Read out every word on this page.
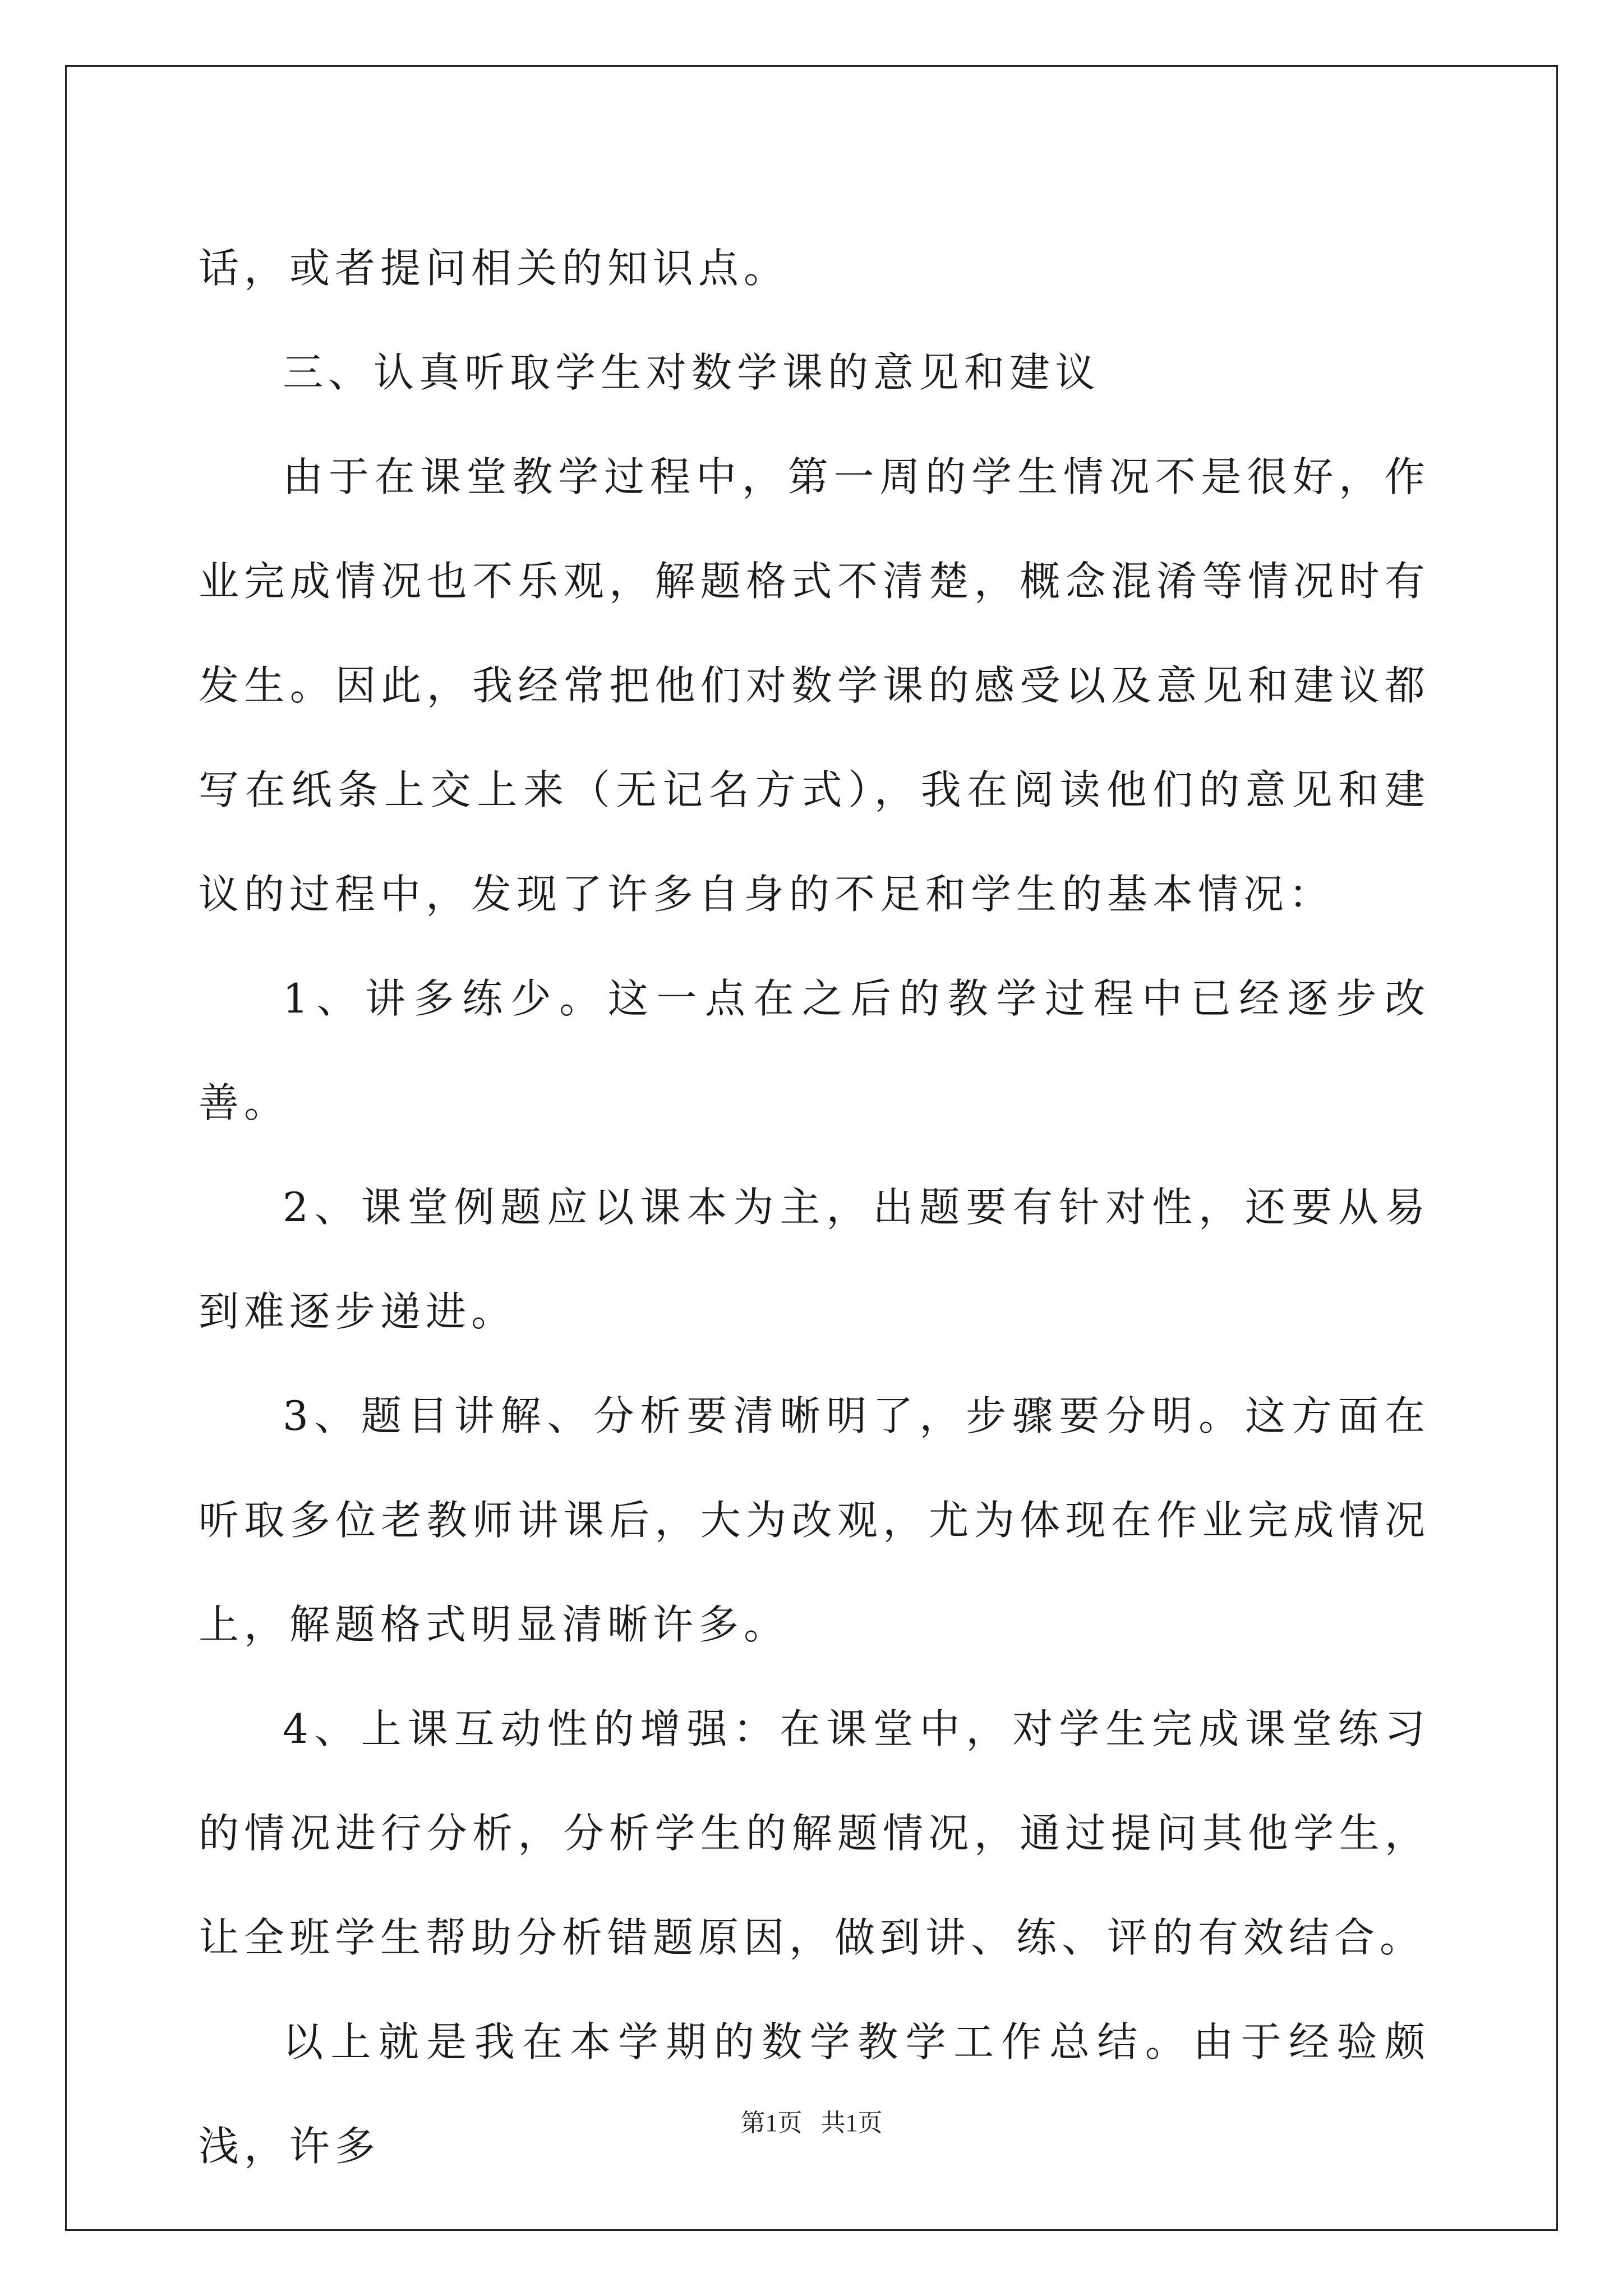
话，或者提问相关的知识点。

三、认真听取学生对数学课的意见和建议

由于在课堂教学过程中，第一周的学生情况不是很好，作业完成情况也不乐观，解题格式不清楚，概念混淆等情况时有发生。因此，我经常把他们对数学课的感受以及意见和建议都写在纸条上交上来（无记名方式），我在阅读他们的意见和建议的过程中，发现了许多自身的不足和学生的基本情况：

1、讲多练少。这一点在之后的教学过程中已经逐步改善。

2、课堂例题应以课本为主，出题要有针对性，还要从易到难逐步递进。

3、题目讲解、分析要清晰明了，步骤要分明。这方面在听取多位老教师讲课后，大为改观，尤为体现在作业完成情况上，解题格式明显清晰许多。

4、上课互动性的增强：在课堂中，对学生完成课堂练习的情况进行分析，分析学生的解题情况，通过提问其他学生，让全班学生帮助分析错题原因，做到讲、练、评的有效结合。

以上就是我在本学期的数学教学工作总结。由于经验颇浅，许多	第1页   共1页
